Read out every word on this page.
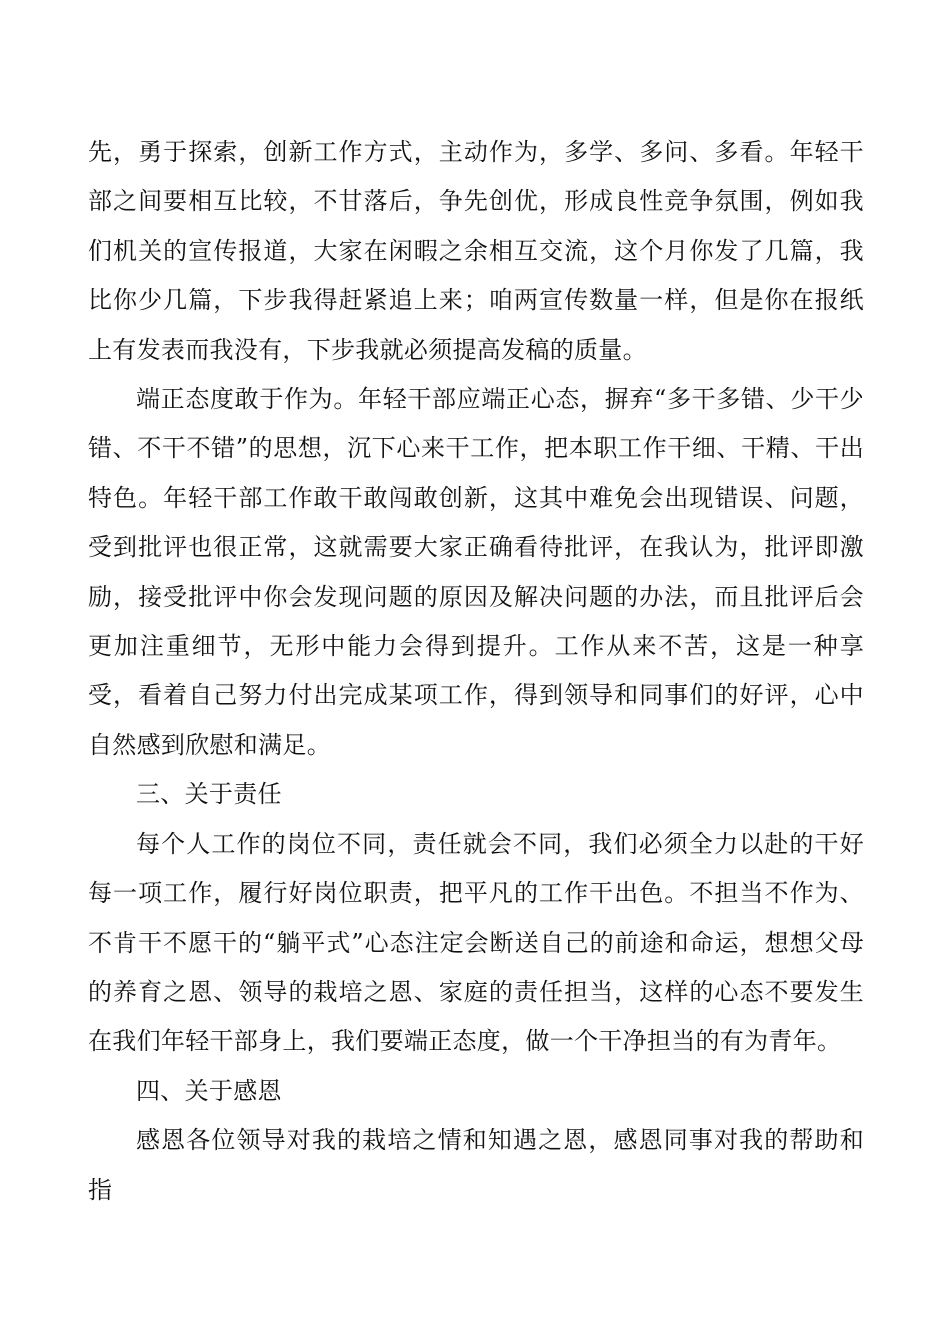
先，勇于探索，创新工作方式，主动作为，多学、多问、多看。年轻干部之间要相互比较，不甘落后，争先创优，形成良性竞争氛围，例如我们机关的宣传报道，大家在闲暇之余相互交流，这个月你发了几篇，我比你少几篇，下步我得赶紧追上来；咱两宣传数量一样，但是你在报纸上有发表而我没有，下步我就必须提高发稿的质量。

端正态度敢于作为。年轻干部应端正心态，摒弃“多干多错、少干少错、不干不错”的思想，沉下心来干工作，把本职工作干细、干精、干出特色。年轻干部工作敢干敢闯敢创新，这其中难免会出现错误、问题，受到批评也很正常，这就需要大家正确看待批评，在我认为，批评即激励，接受批评中你会发现问题的原因及解决问题的办法，而且批评后会更加注重细节，无形中能力会得到提升。工作从来不苦，这是一种享受，看着自己努力付出完成某项工作，得到领导和同事们的好评，心中自然感到欣慰和满足。

三、关于责任

每个人工作的岗位不同，责任就会不同，我们必须全力以赴的干好每一项工作，履行好岗位职责，把平凡的工作干出色。不担当不作为、不肯干不愿干的“躺平式”心态注定会断送自己的前途和命运，想想父母的养育之恩、领导的栽培之恩、家庭的责任担当，这样的心态不要发生在我们年轻干部身上，我们要端正态度，做一个干净担当的有为青年。

四、关于感恩

感恩各位领导对我的栽培之情和知遇之恩，感恩同事对我的帮助和指
